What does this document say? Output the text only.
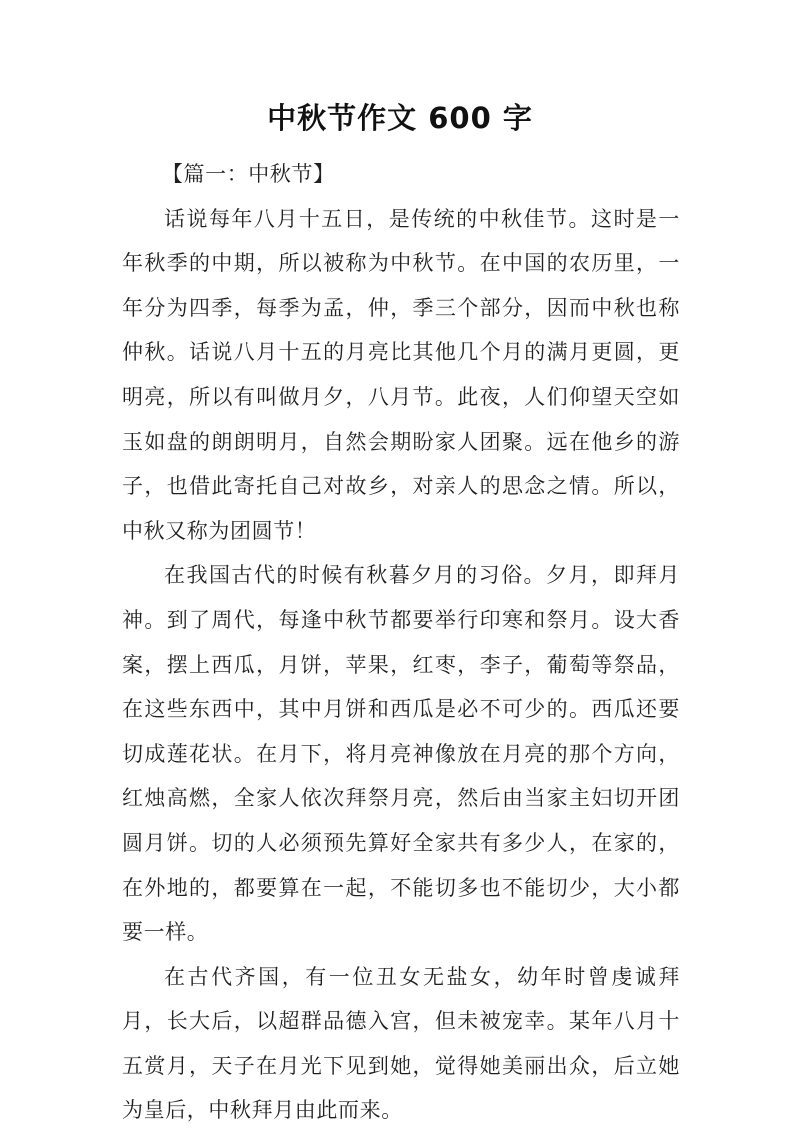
中秋节作文 600 字

【篇一：中秋节】

话说每年八月十五日，是传统的中秋佳节。这时是一年秋季的中期，所以被称为中秋节。在中国的农历里，一年分为四季，每季为孟，仲，季三个部分，因而中秋也称仲秋。话说八月十五的月亮比其他几个月的满月更圆，更明亮，所以有叫做月夕，八月节。此夜，人们仰望天空如玉如盘的朗朗明月，自然会期盼家人团聚。远在他乡的游子，也借此寄托自己对故乡，对亲人的思念之情。所以，中秋又称为团圆节！

在我国古代的时候有秋暮夕月的习俗。夕月，即拜月神。到了周代，每逢中秋节都要举行印寒和祭月。设大香案，摆上西瓜，月饼，苹果，红枣，李子，葡萄等祭品，在这些东西中，其中月饼和西瓜是必不可少的。西瓜还要切成莲花状。在月下，将月亮神像放在月亮的那个方向，红烛高燃，全家人依次拜祭月亮，然后由当家主妇切开团圆月饼。切的人必须预先算好全家共有多少人，在家的，在外地的，都要算在一起，不能切多也不能切少，大小都要一样。

在古代齐国，有一位丑女无盐女，幼年时曾虔诚拜月，长大后，以超群品德入宫，但未被宠幸。某年八月十五赏月，天子在月光下见到她，觉得她美丽出众，后立她为皇后，中秋拜月由此而来。
